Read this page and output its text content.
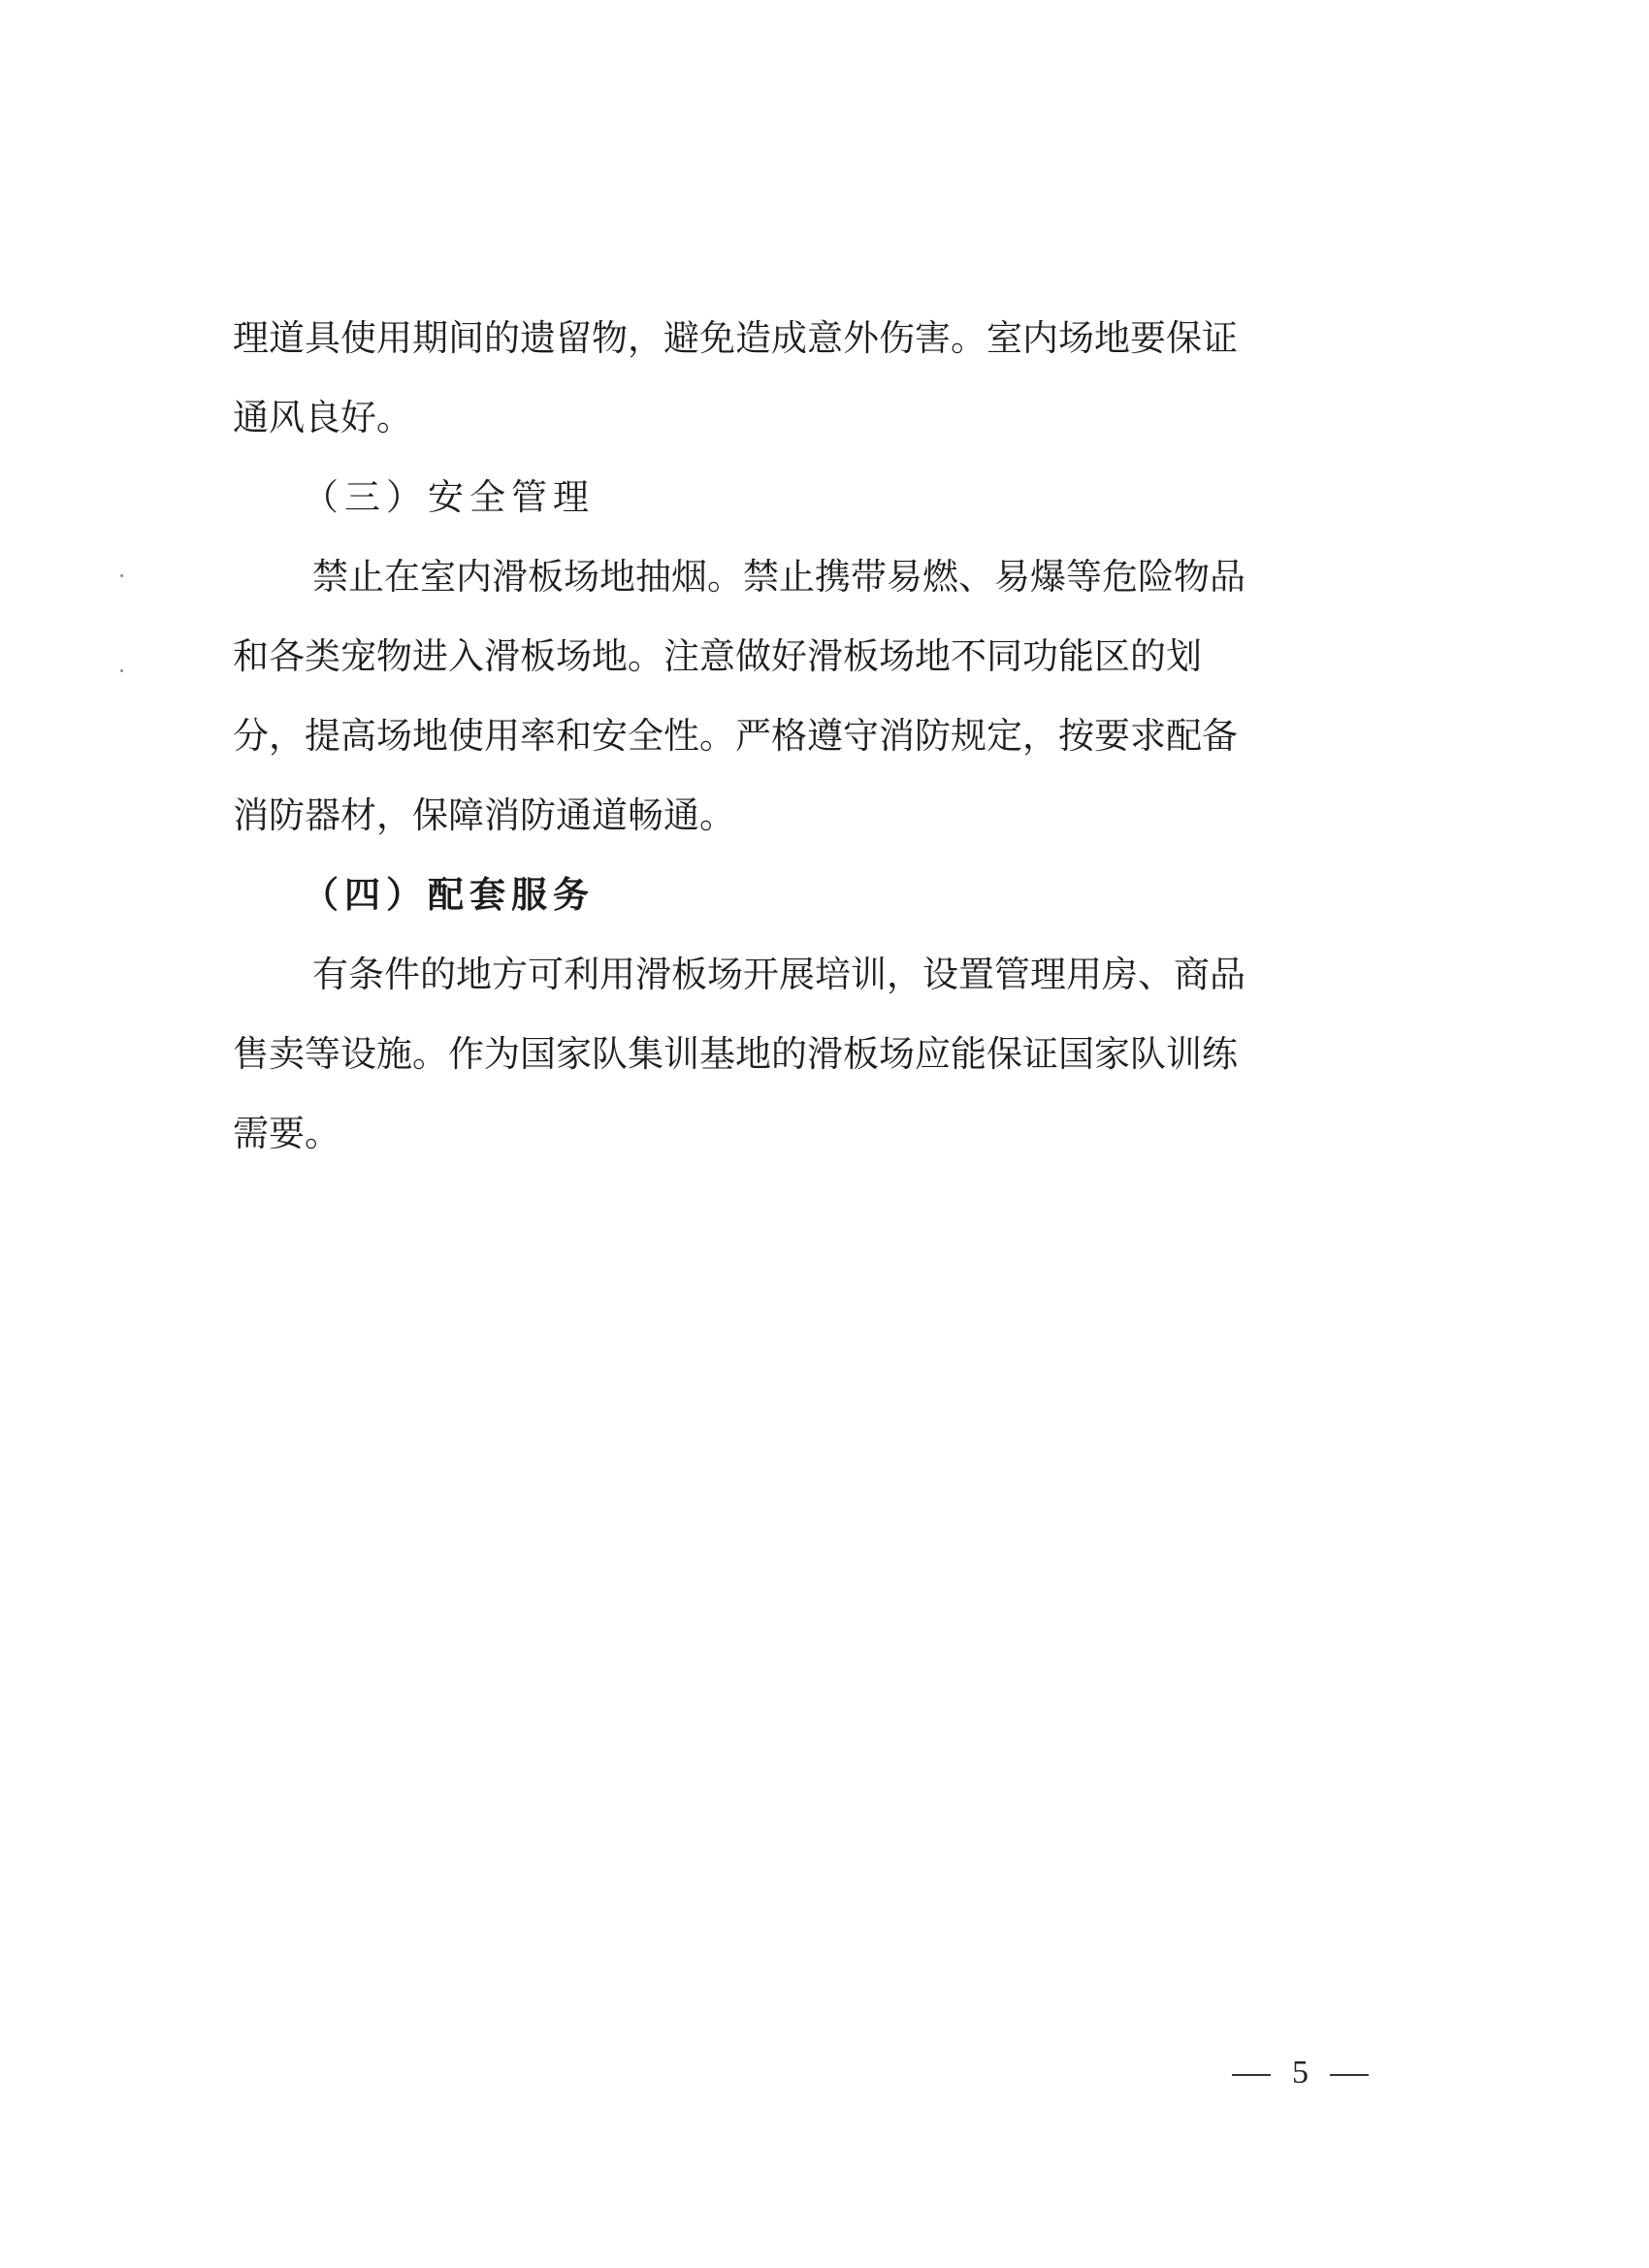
理道具使用期间的遗留物，避免造成意外伤害。室内场地要保证
通风良好。
（三）安全管理
禁止在室内滑板场地抽烟。禁止携带易燃、易爆等危险物品
和各类宠物进入滑板场地。注意做好滑板场地不同功能区的划
分，提高场地使用率和安全性。严格遵守消防规定，按要求配备
消防器材，保障消防通道畅通。
（四）配套服务
有条件的地方可利用滑板场开展培训，设置管理用房、商品
售卖等设施。作为国家队集训基地的滑板场应能保证国家队训练
需要。
5
